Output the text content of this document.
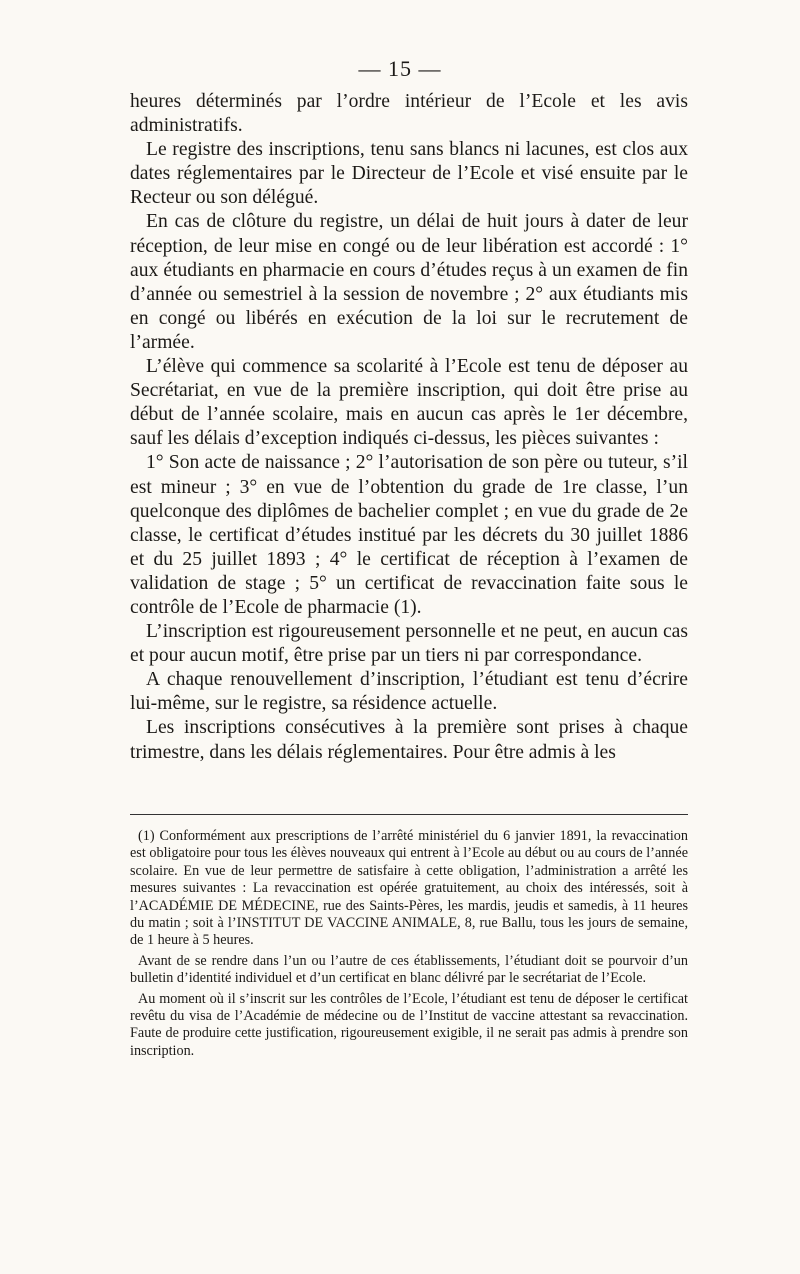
— 15 —

heures déterminés par l’ordre intérieur de l’Ecole et les avis administratifs.

Le registre des inscriptions, tenu sans blancs ni lacunes, est clos aux dates réglementaires par le Directeur de l’Ecole et visé ensuite par le Recteur ou son délégué.

En cas de clôture du registre, un délai de huit jours à dater de leur réception, de leur mise en congé ou de leur libération est accordé : 1° aux étudiants en pharmacie en cours d’études reçus à un examen de fin d’année ou semestriel à la session de novembre ; 2° aux étudiants mis en congé ou libérés en exécution de la loi sur le recrutement de l’armée.

L’élève qui commence sa scolarité à l’Ecole est tenu de déposer au Secrétariat, en vue de la première inscription, qui doit être prise au début de l’année scolaire, mais en aucun cas après le 1er décembre, sauf les délais d’exception indiqués ci-dessus, les pièces suivantes :

1° Son acte de naissance ; 2° l’autorisation de son père ou tuteur, s’il est mineur ; 3° en vue de l’obtention du grade de 1re classe, l’un quelconque des diplômes de bachelier complet ; en vue du grade de 2e classe, le certificat d’études institué par les décrets du 30 juillet 1886 et du 25 juillet 1893 ; 4° le certificat de réception à l’examen de validation de stage ; 5° un certificat de revaccination faite sous le contrôle de l’Ecole de pharmacie (1).

L’inscription est rigoureusement personnelle et ne peut, en aucun cas et pour aucun motif, être prise par un tiers ni par correspondance.

A chaque renouvellement d’inscription, l’étudiant est tenu d’écrire lui-même, sur le registre, sa résidence actuelle.

Les inscriptions consécutives à la première sont prises à chaque trimestre, dans les délais réglementaires. Pour être admis à les

(1) Conformément aux prescriptions de l’arrêté ministériel du 6 janvier 1891, la revaccination est obligatoire pour tous les élèves nouveaux qui entrent à l’Ecole au début ou au cours de l’année scolaire. En vue de leur permettre de satisfaire à cette obligation, l’administration a arrêté les mesures suivantes : La revaccination est opérée gratuitement, au choix des intéressés, soit à l’ACADÉMIE DE MÉDECINE, rue des Saints-Pères, les mardis, jeudis et samedis, à 11 heures du matin ; soit à l’INSTITUT DE VACCINE ANIMALE, 8, rue Ballu, tous les jours de semaine, de 1 heure à 5 heures.

Avant de se rendre dans l’un ou l’autre de ces établissements, l’étudiant doit se pourvoir d’un bulletin d’identité individuel et d’un certificat en blanc délivré par le secrétariat de l’Ecole.

Au moment où il s’inscrit sur les contrôles de l’Ecole, l’étudiant est tenu de déposer le certificat revêtu du visa de l’Académie de médecine ou de l’Institut de vaccine attestant sa revaccination. Faute de produire cette justification, rigoureusement exigible, il ne serait pas admis à prendre son inscription.
